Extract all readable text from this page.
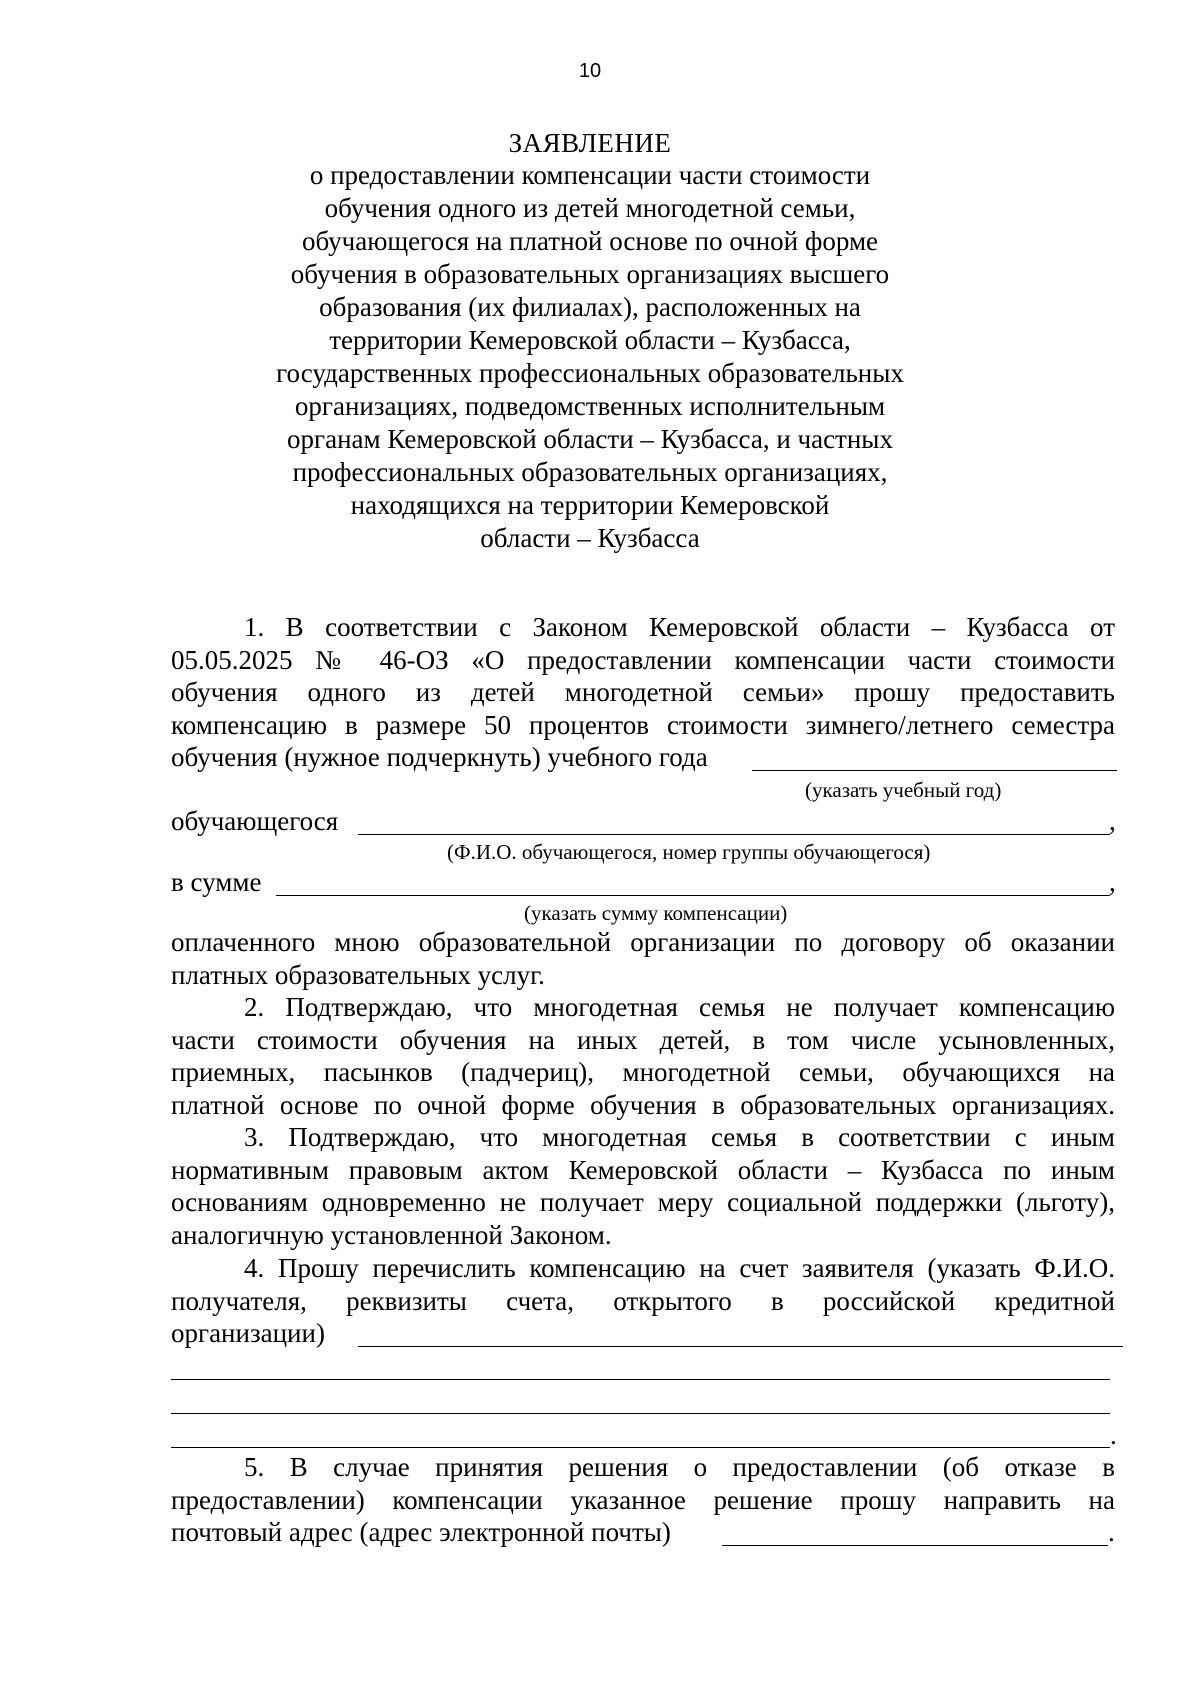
10
ЗАЯВЛЕНИЕ
о предоставлении компенсации части стоимости
обучения одного из детей многодетной семьи,
обучающегося на платной основе по очной форме
обучения в образовательных организациях высшего
образования (их филиалах), расположенных на
территории Кемеровской области – Кузбасса,
государственных профессиональных образовательных
организациях, подведомственных исполнительным
органам Кемеровской области – Кузбасса, и частных
профессиональных образовательных организациях,
находящихся на территории Кемеровской
области – Кузбасса
1. В соответствии с Законом Кемеровской области – Кузбасса от
05.05.2025 № 46-ОЗ «О предоставлении компенсации части стоимости
обучения одного из детей многодетной семьи» прошу предоставить
компенсацию в размере 50 процентов стоимости зимнего/летнего семестра
обучения (нужное подчеркнуть) учебного года
(указать учебный год)
обучающегося	,
(Ф.И.О. обучающегося, номер группы обучающегося)
в сумме	,
(указать сумму компенсации)
оплаченного мною образовательной организации по договору об оказании
платных образовательных услуг.
2. Подтверждаю, что многодетная семья не получает компенсацию
части стоимости обучения на иных детей, в том числе усыновленных,
приемных, пасынков (падчериц), многодетной семьи, обучающихся на
платной основе по очной форме обучения в образовательных организациях.
3. Подтверждаю, что многодетная семья в соответствии с иным
нормативным правовым актом Кемеровской области – Кузбасса по иным
основаниям одновременно не получает меру социальной поддержки (льготу),
аналогичную установленной Законом.
4. Прошу перечислить компенсацию на счет заявителя (указать Ф.И.О.
получателя, реквизиты счета, открытого в российской кредитной
организации)
.
5. В случае принятия решения о предоставлении (об отказе в
предоставлении) компенсации указанное решение прошу направить на
почтовый адрес (адрес электронной почты)	.
